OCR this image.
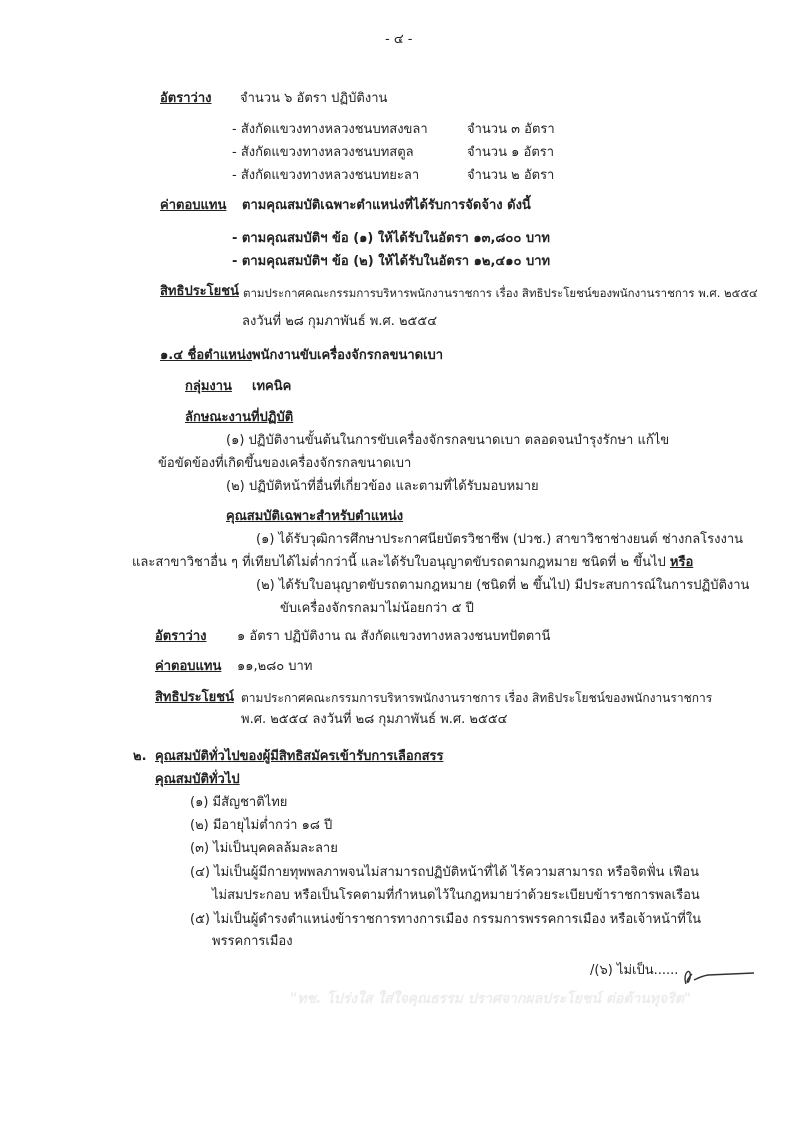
- ๔ -
อัตราว่าง จำนวน ๖ อัตรา ปฏิบัติงาน
- สังกัดแขวงทางหลวงชนบทสงขลา	จำนวน ๓ อัตรา
- สังกัดแขวงทางหลวงชนบทสตูล	จำนวน ๑ อัตรา
- สังกัดแขวงทางหลวงชนบทยะลา	จำนวน ๒ อัตรา
ค่าตอบแทน ตามคุณสมบัติเฉพาะตำแหน่งที่ได้รับการจัดจ้าง ดังนี้
- ตามคุณสมบัติฯ ข้อ (๑) ให้ได้รับในอัตรา ๑๓,๘๐๐ บาท
- ตามคุณสมบัติฯ ข้อ (๒) ให้ได้รับในอัตรา ๑๒,๔๑๐ บาท
สิทธิประโยชน์ ตามประกาศคณะกรรมการบริหารพนักงานราชการ เรื่อง สิทธิประโยชน์ของพนักงานราชการ พ.ศ. ๒๕๕๔
ลงวันที่ ๒๘ กุมภาพันธ์ พ.ศ. ๒๕๕๔
๑.๔ ชื่อตำแหน่ง พนักงานขับเครื่องจักรกลขนาดเบา
กลุ่มงาน เทคนิค
ลักษณะงานที่ปฏิบัติ
(๑) ปฏิบัติงานขั้นต้นในการขับเครื่องจักรกลขนาดเบา ตลอดจนบำรุงรักษา แก้ไข
ข้อขัดข้องที่เกิดขึ้นของเครื่องจักรกลขนาดเบา
(๒) ปฏิบัติหน้าที่อื่นที่เกี่ยวข้อง และตามที่ได้รับมอบหมาย
คุณสมบัติเฉพาะสำหรับตำแหน่ง
(๑) ได้รับวุฒิการศึกษาประกาศนียบัตรวิชาชีพ (ปวช.) สาขาวิชาช่างยนต์ ช่างกลโรงงาน
และสาขาวิชาอื่น ๆ ที่เทียบได้ไม่ต่ำกว่านี้ และได้รับใบอนุญาตขับรถตามกฎหมาย ชนิดที่ ๒ ขึ้นไป หรือ
(๒) ได้รับใบอนุญาตขับรถตามกฎหมาย (ชนิดที่ ๒ ขึ้นไป) มีประสบการณ์ในการปฏิบัติงาน
ขับเครื่องจักรกลมาไม่น้อยกว่า ๕ ปี
อัตราว่าง ๑ อัตรา ปฏิบัติงาน ณ สังกัดแขวงทางหลวงชนบทปัตตานี
ค่าตอบแทน ๑๑,๒๘๐ บาท
สิทธิประโยชน์ ตามประกาศคณะกรรมการบริหารพนักงานราชการ เรื่อง สิทธิประโยชน์ของพนักงานราชการ
พ.ศ. ๒๕๕๔ ลงวันที่ ๒๘ กุมภาพันธ์ พ.ศ. ๒๕๕๔
๒. คุณสมบัติทั่วไปของผู้มีสิทธิสมัครเข้ารับการเลือกสรร
คุณสมบัติทั่วไป
(๑) มีสัญชาติไทย
(๒) มีอายุไม่ต่ำกว่า ๑๘ ปี
(๓) ไม่เป็นบุคคลล้มละลาย
(๔) ไม่เป็นผู้มีกายทุพพลภาพจนไม่สามารถปฏิบัติหน้าที่ได้ ไร้ความสามารถ หรือจิตฟั่น เฟือน
ไม่สมประกอบ หรือเป็นโรคตามที่กำหนดไว้ในกฎหมายว่าด้วยระเบียบข้าราชการพลเรือน
(๕) ไม่เป็นผู้ดำรงตำแหน่งข้าราชการทางการเมือง กรรมการพรรคการเมือง หรือเจ้าหน้าที่ใน
พรรคการเมือง
/(๖) ไม่เป็น......
"ทช. โปร่งใส ใส่ใจคุณธรรม ปราศจากผลประโยชน์ ต่อต้านทุจริต"
